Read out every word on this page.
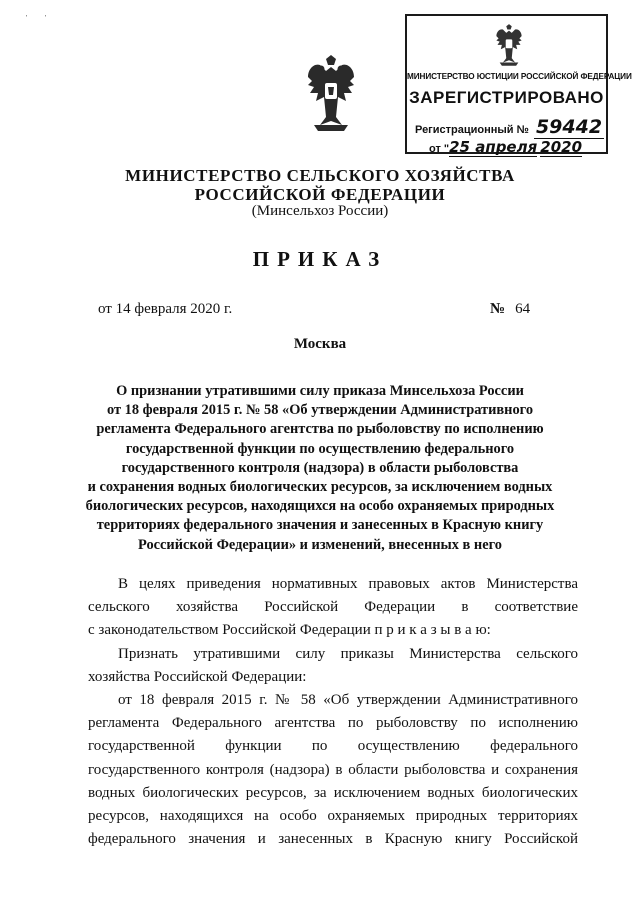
'          '
МИНИСТЕРСТВО ЮСТИЦИИ РОССИЙСКОЙ ФЕДЕРАЦИИ
ЗАРЕГИСТРИРОВАНО
Регистрационный № 59442
от "25 апреля 2020
МИНИСТЕРСТВО СЕЛЬСКОГО ХОЗЯЙСТВА
РОССИЙСКОЙ ФЕДЕРАЦИИ
(Минсельхоз России)
ПРИКАЗ
от 14 февраля 2020 г.	№ 64
Москва
О признании утратившими силу приказа Минсельхоза России
от 18 февраля 2015 г. № 58 «Об утверждении Административного
регламента Федерального агентства по рыболовству по исполнению
государственной функции по осуществлению федерального
государственного контроля (надзора) в области рыболовства
и сохранения водных биологических ресурсов, за исключением водных
биологических ресурсов, находящихся на особо охраняемых природных
территориях федерального значения и занесенных в Красную книгу
Российской Федерации» и изменений, внесенных в него
В целях приведения нормативных правовых актов Министерства
сельского хозяйства Российской Федерации в соответствие
с законодательством Российской Федерации п р и к а з ы в а ю:
Признать утратившими силу приказы Министерства сельского
хозяйства Российской Федерации:
от 18 февраля 2015 г. № 58 «Об утверждении Административного
регламента Федерального агентства по рыболовству по исполнению
государственной функции по осуществлению федерального
государственного контроля (надзора) в области рыболовства и сохранения
водных биологических ресурсов, за исключением водных биологических
ресурсов, находящихся на особо охраняемых природных территориях
федерального значения и занесенных в Красную книгу Российской
